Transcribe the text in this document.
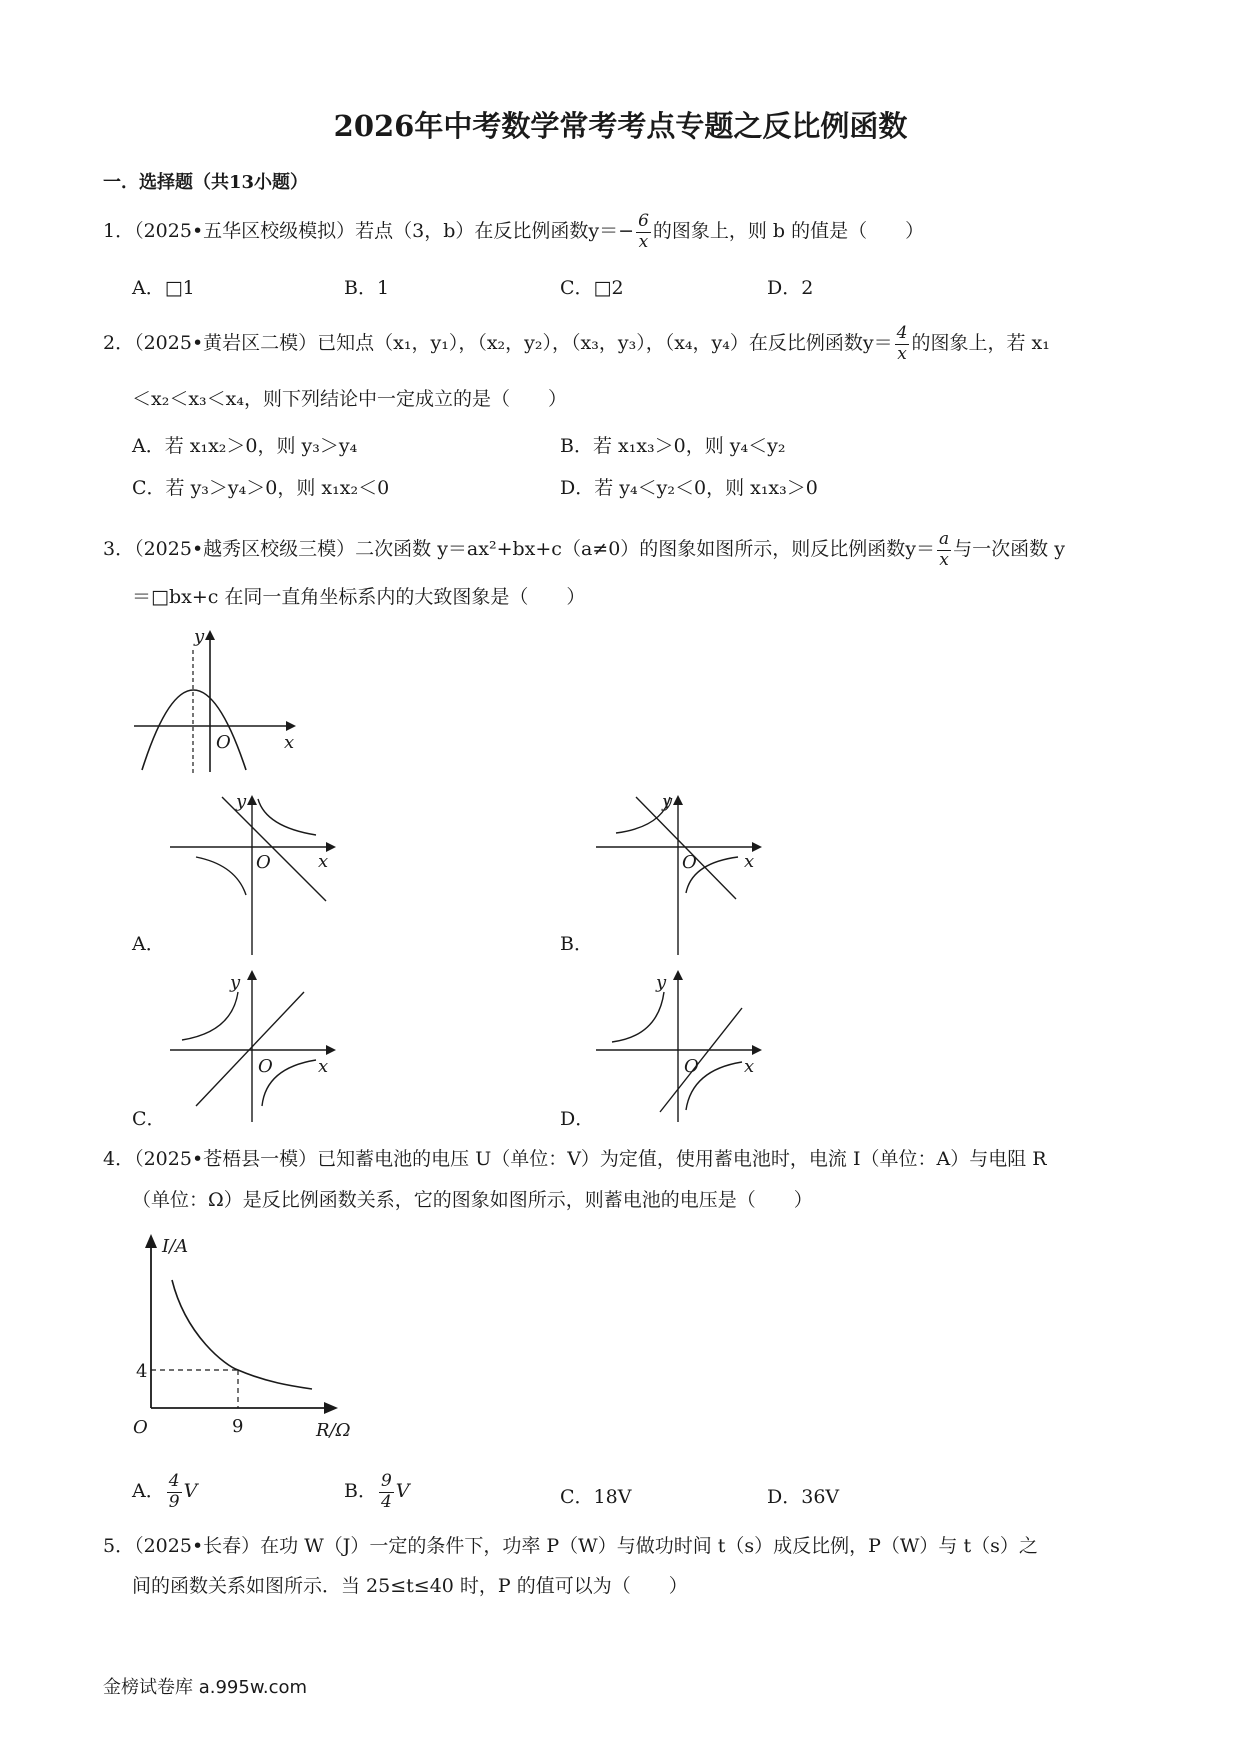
2026年中考数学常考考点专题之反比例函数
一．选择题（共13小题）
1．（2025•五华区校级模拟）若点（3，b）在反比例函数$y=- \frac{6}{x}$ 的图象上，则 b 的值是（　　）
A．□1	B．1	C．□2	D．2
2．（2025•黄岩区二模）已知点（x₁，y₁），（x₂，y₂），（x₃，y₃），（x₄，y₄）在反比例函数$y= \frac{4}{x}$ 的图象上，若 x₁
＜x₂＜x₃＜x₄，则下列结论中一定成立的是（　　）
A．若 x₁x₂＞0，则 y₃＞y₄	B．若 x₁x₃＞0，则 y₄＜y₂
C．若 y₃＞y₄＞0，则 x₁x₂＜0	D．若 y₄＜y₂＜0，则 x₁x₃＞0
3．（2025•越秀区校级三模）二次函数 y＝ax²+bx+c（a≠0）的图象如图所示，则反比例函数$y= \frac{a}{x}$ 与一次函数 y
＝□bx+c 在同一直角坐标系内的大致图象是（　　）
y
x
O
y
x
O
A．
y
x
O
B．
y
x
O
C．
y
x
O
D．
4．（2025•苍梧县一模）已知蓄电池的电压 U（单位：V）为定值，使用蓄电池时，电流 I（单位：A）与电阻 R
（单位：Ω）是反比例函数关系，它的图象如图所示，则蓄电池的电压是（　　）
I/A
R/Ω
O
4
9
A． $\frac{4}{9}$ V	B． $\frac{9}{4}$ V	C．18V	D．36V
5．（2025•长春）在功 W（J）一定的条件下，功率 P（W）与做功时间 t（s）成反比例，P（W）与 t（s）之
间的函数关系如图所示．当 25≤t≤40 时，P 的值可以为（　　）
金榜试卷库 a.995w.com
